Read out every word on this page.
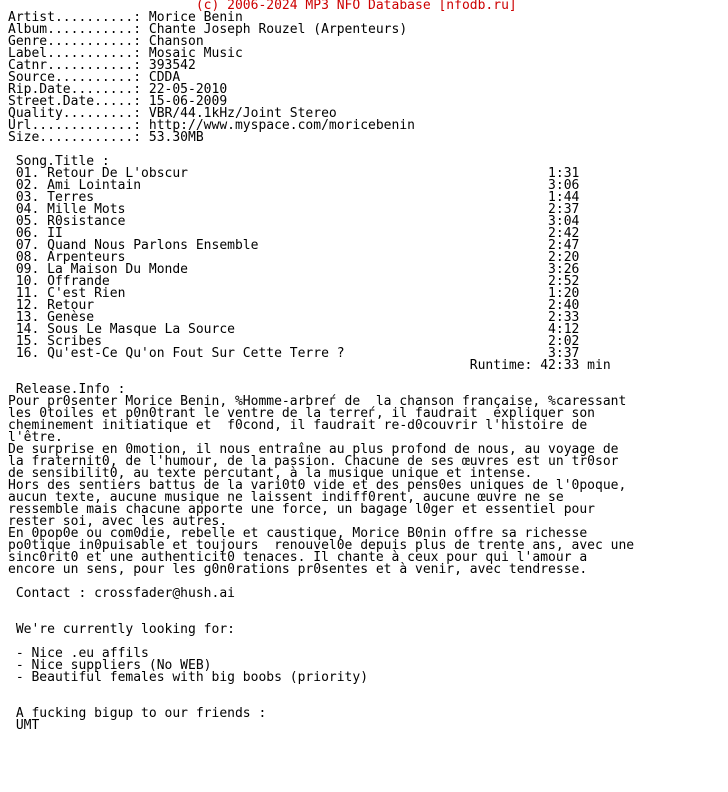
(c) 2006-2024 MP3 NFO Database [nfodb.ru]
Artist..........: Morice Benin
Album...........: Chante Joseph Rouzel (Arpenteurs)
Genre...........: Chanson
Label...........: Mosaic Music
Catnr...........: 393542
Source..........: CDDA
Rip.Date........: 22-05-2010
Street.Date.....: 15-06-2009
Quality.........: VBR/44.1kHz/Joint Stereo
Url.............: http://www.myspace.com/moricebenin
Size............: 53.30MB
Song.Title :
01. Retour De L'obscur                                              1:31
02. Ami Lointain                                                    3:06
03. Terres                                                          1:44
04. Mille Mots                                                      2:37
05. R0sistance                                                      3:04
06. II                                                              2:42
07. Quand Nous Parlons Ensemble                                     2:47
08. Arpenteurs                                                      2:20
09. La Maison Du Monde                                              3:26
10. Offrande                                                        2:52
11. C'est Rien                                                      1:20
12. Retour                                                          2:40
13. Genèse                                                          2:33
14. Sous Le Masque La Source                                        4:12
15. Scribes                                                         2:02
16. Qu'est-Ce Qu'on Fout Sur Cette Terre ?                          3:37
Runtime: 42:33 min
Release.Info :
Pour pr0senter Morice Benin, %Homme-arbreѓ de  la chanson française, %caressant
les 0toiles et p0n0trant le ventre de la terreѓ, il faudrait  expliquer son
cheminement initiatique et  f0cond, il faudrait re-d0couvrir l'histoire de
l'être.
De surprise en 0motion, il nous entraîne au plus profond de nous, au voyage de
la fraternit0, de l'humour, de la passion. Chacune de ses œuvres est un tr0sor
de sensibilit0, au texte percutant, à la musique unique et intense.
Hors des sentiers battus de la vari0t0 vide et des pens0es uniques de l'0poque,
aucun texte, aucune musique ne laissent indiff0rent, aucune œuvre ne se
ressemble mais chacune apporte une force, un bagage l0ger et essentiel pour
rester soi, avec les autres.
En 0pop0e ou com0die, rebelle et caustique, Morice B0nin offre sa richesse
po0tique in0puisable et toujours  renouvel0e depuis plus de trente ans, avec une
sinc0rit0 et une authenticit0 tenaces. Il chante à ceux pour qui l'amour a
encore un sens, pour les g0n0rations pr0sentes et à venir, avec tendresse.
Contact : crossfader@hush.ai
We're currently looking for:
- Nice .eu affils
- Nice suppliers (No WEB)
- Beautiful females with big boobs (priority)
A fucking bigup to our friends :
UMT
